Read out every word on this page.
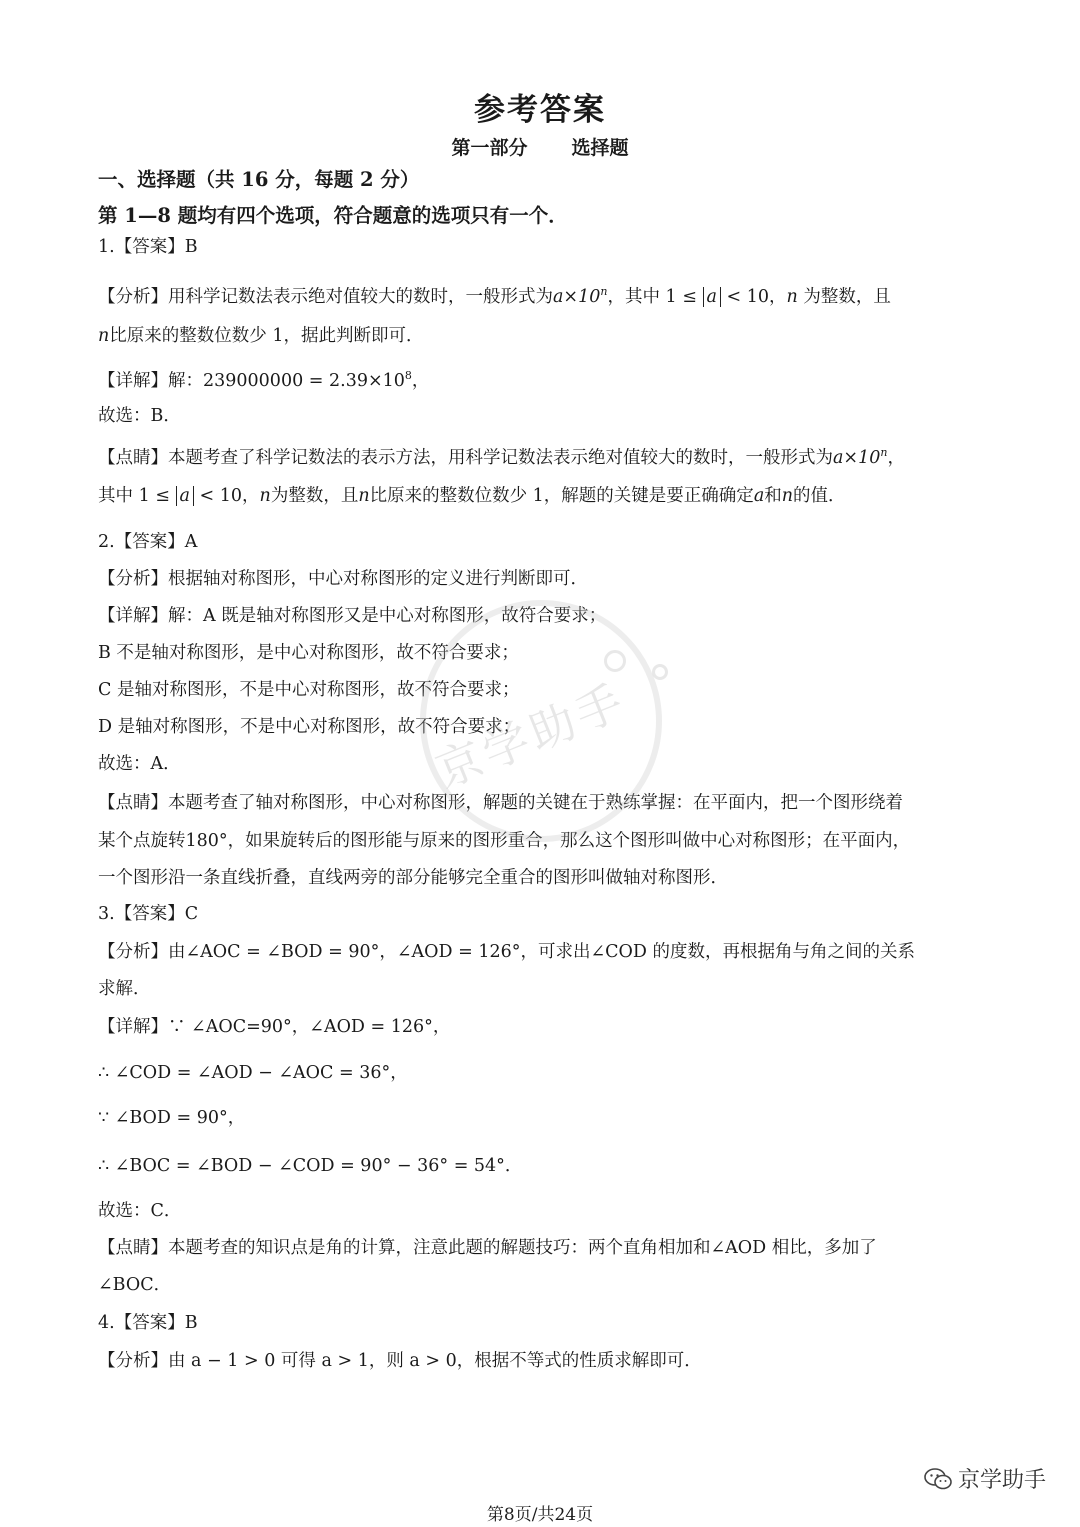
参考答案
第一部分 选择题
一、选择题（共 16 分，每题 2 分）
第 1—8 题均有四个选项，符合题意的选项只有一个．
1.【答案】B
【分析】用科学记数法表示绝对值较大的数时，一般形式为$a\times 10^n$，其中 1 ≤ a < 10，n 为整数，且
n比原来的整数位数少 1，据此判断即可．
【详解】解：$239000000 = 2.39\times 10^8$，
故选：B．
【点睛】本题考查了科学记数法的表示方法，用科学记数法表示绝对值较大的数时，一般形式为$a\times 10^n$，
其中 1 ≤ a < 10，n为整数，且n比原来的整数位数少 1，解题的关键是要正确确定a和n的值．
2.【答案】A
【分析】根据轴对称图形，中心对称图形的定义进行判断即可．
【详解】解：A 既是轴对称图形又是中心对称图形，故符合要求；
B 不是轴对称图形，是中心对称图形，故不符合要求；
C 是轴对称图形，不是中心对称图形，故不符合要求；
D 是轴对称图形，不是中心对称图形，故不符合要求；
故选：A．
【点睛】本题考查了轴对称图形，中心对称图形，解题的关键在于熟练掌握：在平面内，把一个图形绕着
某个点旋转180°，如果旋转后的图形能与原来的图形重合，那么这个图形叫做中心对称图形；在平面内，
一个图形沿一条直线折叠，直线两旁的部分能够完全重合的图形叫做轴对称图形．
3.【答案】C
【分析】由∠AOC = ∠BOD = 90°，∠AOD = 126°，可求出∠COD 的度数，再根据角与角之间的关系
求解．
【详解】∵ ∠AOC=90°，∠AOD = 126°，
∴ ∠COD = ∠AOD − ∠AOC = 36°，
∵ ∠BOD = 90°，
∴ ∠BOC = ∠BOD − ∠COD = 90° − 36° = 54°．
故选：C．
【点睛】本题考查的知识点是角的计算，注意此题的解题技巧：两个直角相加和∠AOD 相比，多加了
∠BOC．
4.【答案】B
【分析】由 a − 1 > 0 可得 a > 1，则 a > 0，根据不等式的性质求解即可．
京学助手
京学助手
第8页/共24页
